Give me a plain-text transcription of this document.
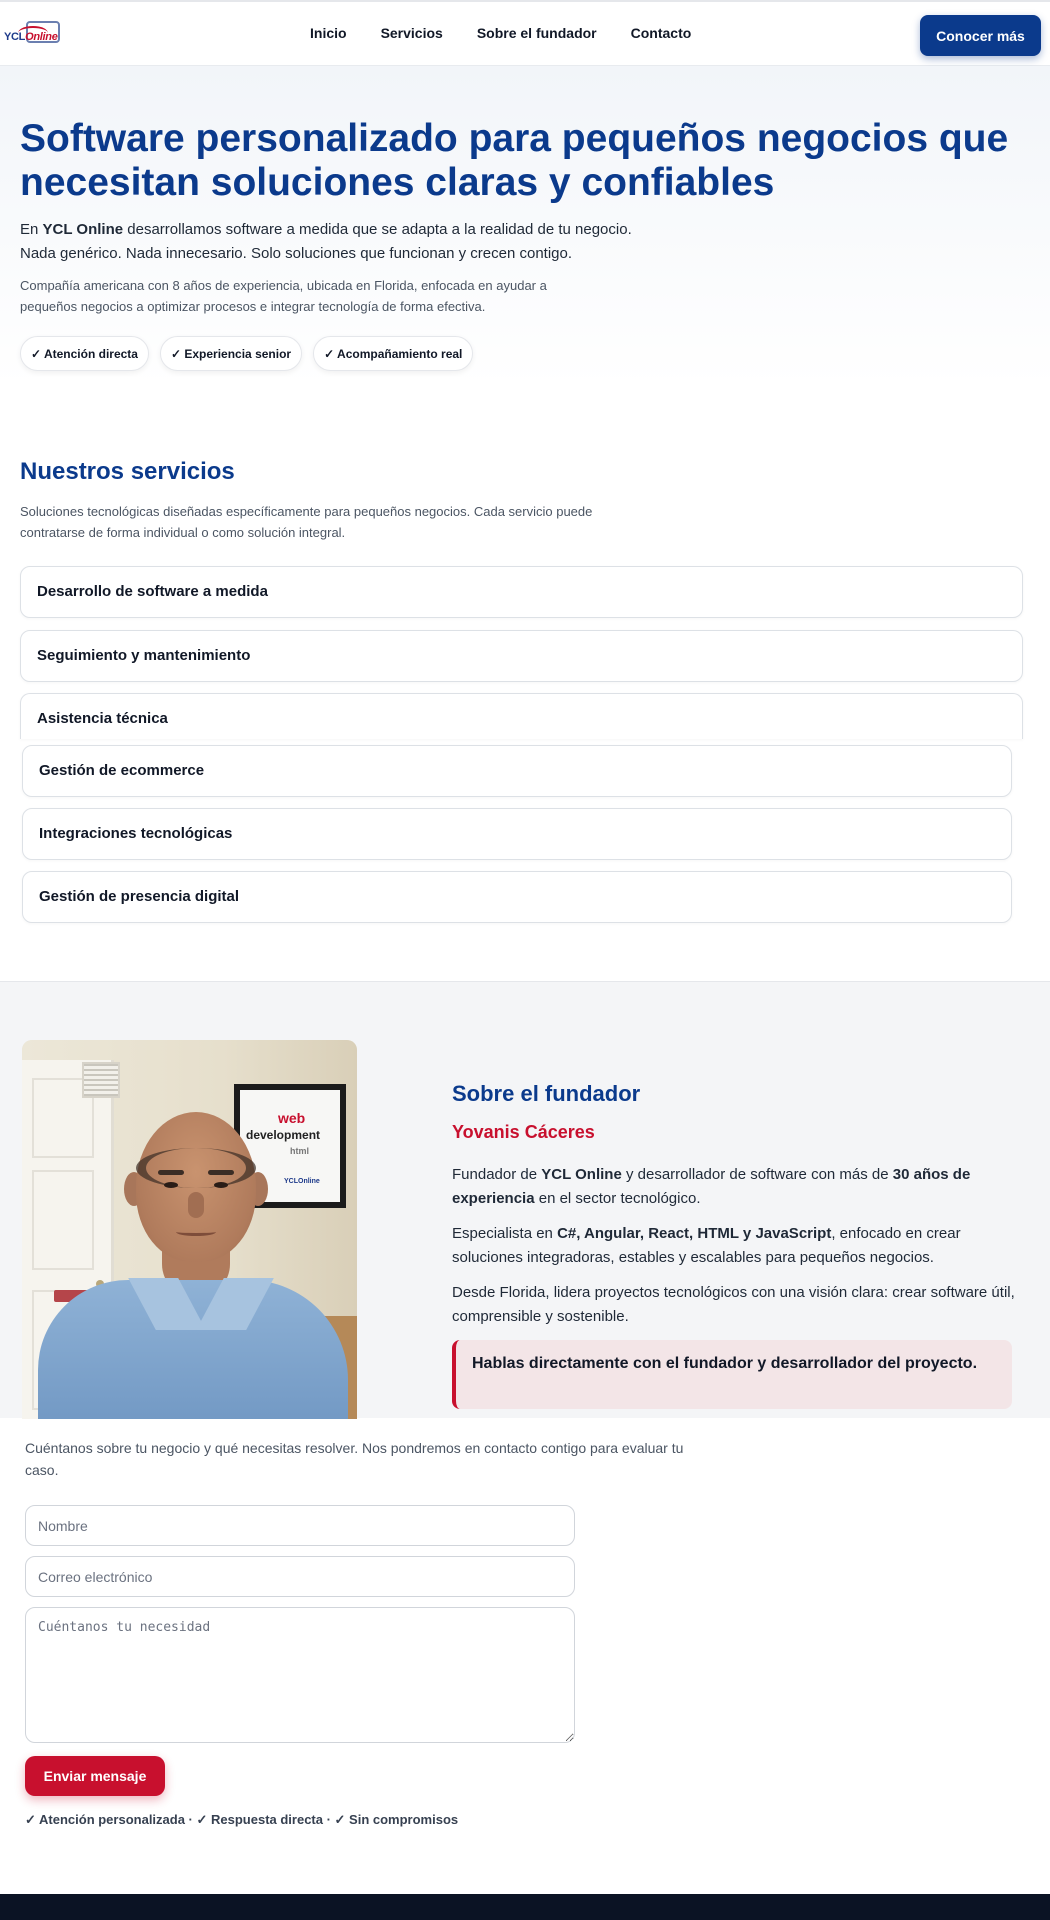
YCLOnline	Inicio Servicios Sobre el fundador Contacto	Conocer más
Software personalizado para pequeños negocios que necesitan soluciones claras y confiables
En YCL Online desarrollamos software a medida que se adapta a la realidad de tu negocio.
Nada genérico. Nada innecesario. Solo soluciones que funcionan y crecen contigo.

Compañía americana con 8 años de experiencia, ubicada en Florida, enfocada en ayudar a pequeños negocios a optimizar procesos e integrar tecnología de forma efectiva.

✓ Atención directa	✓ Experiencia senior	✓ Acompañamiento real
Nuestros servicios

Soluciones tecnológicas diseñadas específicamente para pequeños negocios. Cada servicio puede contratarse de forma individual o como solución integral.

Desarrollo de software a medida
Seguimiento y mantenimiento
Asistencia técnica
Gestión de ecommerce
Integraciones tecnológicas
Gestión de presencia digital
web
development
html
YCLOnline
Sobre el fundador
Yovanis Cáceres

Fundador de YCL Online y desarrollador de software con más de 30 años de experiencia en el sector tecnológico.

Especialista en C#, Angular, React, HTML y JavaScript, enfocado en crear soluciones integradoras, estables y escalables para pequeños negocios.

Desde Florida, lidera proyectos tecnológicos con una visión clara: crear software útil, comprensible y sostenible.

Hablas directamente con el fundador y desarrollador del proyecto.

Cuéntanos sobre tu negocio y qué necesitas resolver. Nos pondremos en contacto contigo para evaluar tu caso.

Nombre
Correo electrónico
Cuéntanos tu necesidad
Enviar mensaje
✓ Atención personalizada · ✓ Respuesta directa · ✓ Sin compromisos
